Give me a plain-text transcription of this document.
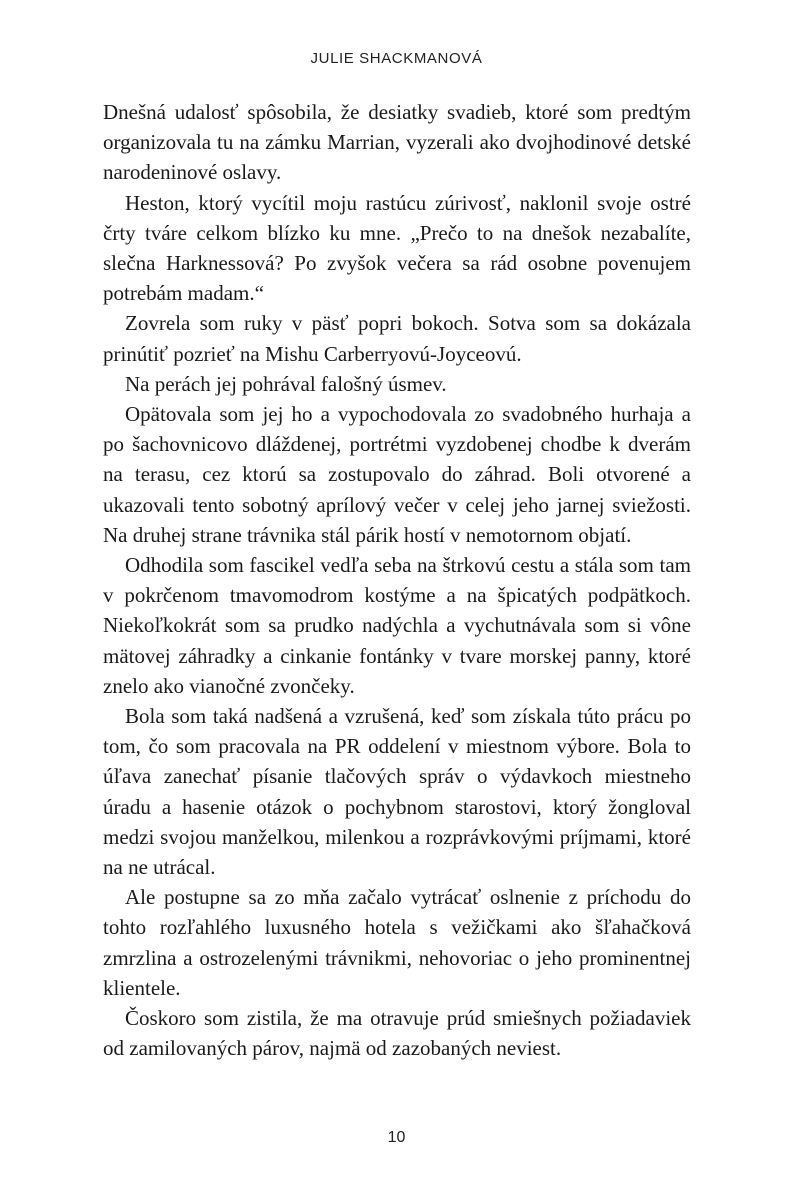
JULIE SHACKMANOVÁ

Dnešná udalosť spôsobila, že desiatky svadieb, ktoré som predtým organizovala tu na zámku Marrian, vyzerali ako dvojhodinové detské narodeninové oslavy.

Heston, ktorý vycítil moju rastúcu zúrivosť, naklonil svoje ostré črty tváre celkom blízko ku mne. „Prečo to na dnešok nezabalíte, slečna Harknessová? Po zvyšok večera sa rád osobne povenujem potrebám madam.“

Zovrela som ruky v päsť popri bokoch. Sotva som sa dokázala prinútiť pozrieť na Mishu Carberryovú-Joyceovú.

Na perách jej pohrával falošný úsmev.

Opätovala som jej ho a vypochodovala zo svadobného hurhaja a po šachovnicovo dláždenej, portrétmi vyzdobenej chodbe k dverám na terasu, cez ktorú sa zostupovalo do záhrad. Boli otvorené a ukazovali tento sobotný aprílový večer v celej jeho jarnej sviežosti. Na druhej strane trávnika stál párik hostí v nemotornom objatí.

Odhodila som fascikel vedľa seba na štrkovú cestu a stála som tam v pokrčenom tmavomodrom kostýme a na špicatých podpätkoch. Niekoľkokrát som sa prudko nadýchla a vychutnávala som si vône mätovej záhradky a cinkanie fontánky v tvare morskej panny, ktoré znelo ako vianočné zvončeky.

Bola som taká nadšená a vzrušená, keď som získala túto prácu po tom, čo som pracovala na PR oddelení v miestnom výbore. Bola to úľava zanechať písanie tlačových správ o výdavkoch miestneho úradu a hasenie otázok o pochybnom starostovi, ktorý žongloval medzi svojou manželkou, milenkou a rozprávkovými príjmami, ktoré na ne utrácal.

Ale postupne sa zo mňa začalo vytrácať oslnenie z príchodu do tohto rozľahlého luxusného hotela s vežičkami ako šľahačková zmrzlina a ostrozelenými trávnikmi, nehovoriac o jeho prominentnej klientele.

Čoskoro som zistila, že ma otravuje prúd smiešnych požiadaviek od zamilovaných párov, najmä od zazobaných neviest.

10
